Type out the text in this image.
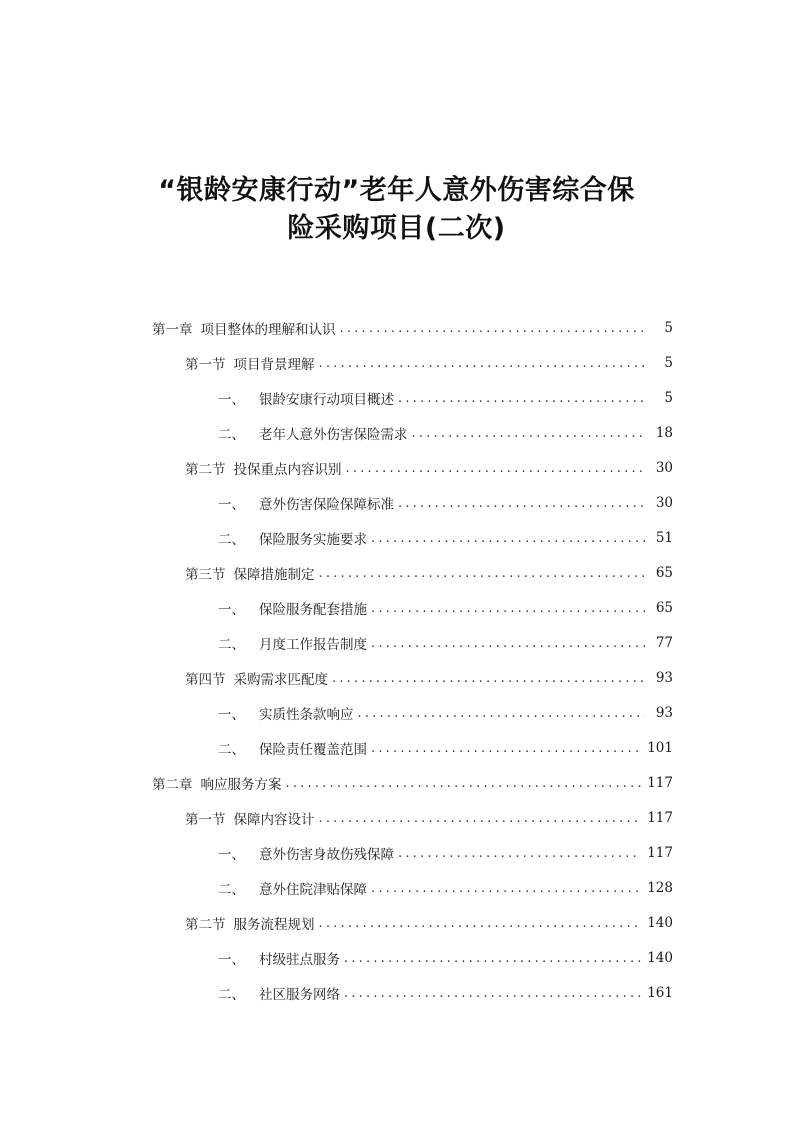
“银龄安康行动”老年人意外伤害综合保
险采购项目(二次)
第一章 项目整体的理解和认识 .....	5
第一节 项目背景理解 .....	5
一、 银龄安康行动项目概述 .....	5
二、 老年人意外伤害保险需求 .....	18
第二节 投保重点内容识别 .....	30
一、 意外伤害保险保障标准 .....	30
二、 保险服务实施要求 .....	51
第三节 保障措施制定 .....	65
一、 保险服务配套措施 .....	65
二、 月度工作报告制度 .....	77
第四节 采购需求匹配度 .....	93
一、 实质性条款响应 .....	93
二、 保险责任覆盖范围 .....	101
第二章 响应服务方案 .....	117
第一节 保障内容设计 .....	117
一、 意外伤害身故伤残保障 .....	117
二、 意外住院津贴保障 .....	128
第二节 服务流程规划 .....	140
一、 村级驻点服务 .....	140
二、 社区服务网络 .....	161
